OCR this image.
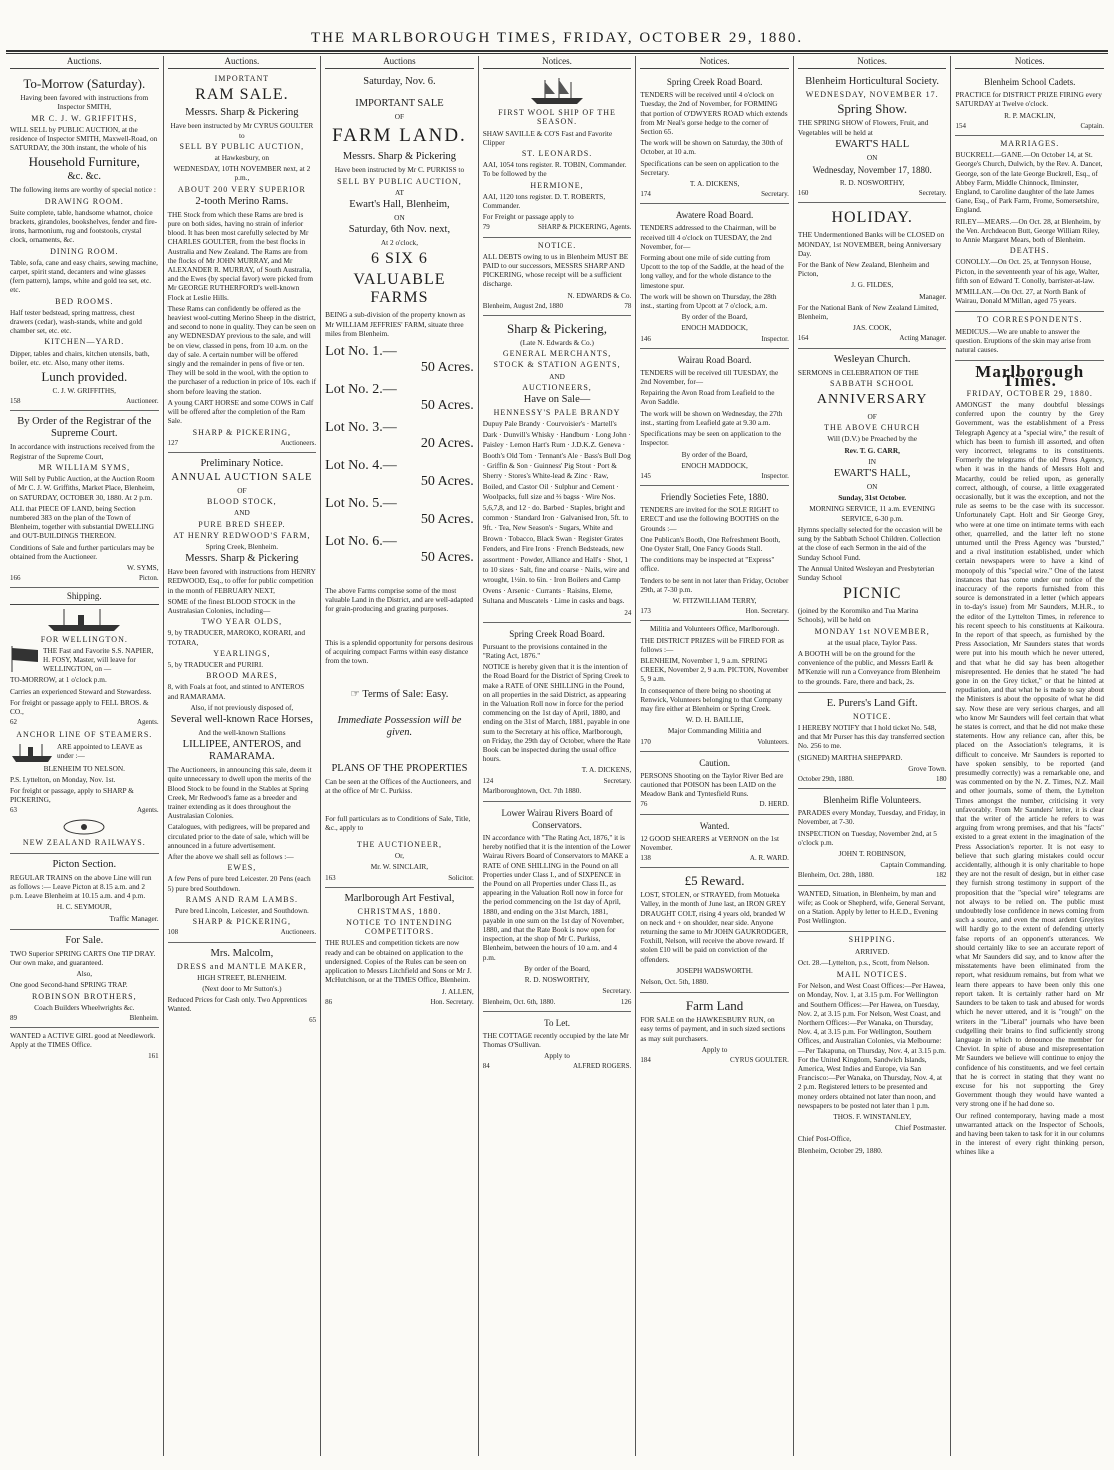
THE MARLBOROUGH TIMES, FRIDAY, OCTOBER 29, 1880.
Auctions.
To-Morrow (Saturday).

Having been favored with instructions from Inspector SMITH,

MR C. J. W. GRIFFITHS,

WILL SELL by PUBLIC AUCTION, at the residence of Inspector SMITH, Maxwell-Road, on SATURDAY, the 30th instant, the whole of his

Household Furniture,
&c. &c.

The following items are worthy of special notice :

DRAWING ROOM.

Suite complete, table, handsome whatnot, choice brackets, girandoles, bookshelves, fender and fire-irons, harmonium, rug and footstools, crystal clock, ornaments, &c.

DINING ROOM.

Table, sofa, cane and easy chairs, sewing machine, carpet, spirit stand, decanters and wine glasses (fern pattern), lamps, white and gold tea set, etc. etc.

BED ROOMS.

Half tester bedstead, spring mattress, chest drawers (cedar), wash-stands, white and gold chamber set, etc. etc.

KITCHEN—YARD.

Dipper, tables and chairs, kitchen utensils, bath, boiler, etc. etc. Also, many other items.

Lunch provided.

C. J. W. GRIFFITHS,

158	Auctioneer.
By Order of the Registrar of the Supreme Court.

In accordance with instructions received from the Registrar of the Supreme Court,

MR WILLIAM SYMS,

Will Sell by Public Auction, at the Auction Room of Mr C. J. W. Griffiths, Market Place, Blenheim, on SATURDAY, OCTOBER 30, 1880. At 2 p.m.

ALL that PIECE OF LAND, being Section numbered 383 on the plan of the Town of Blenheim, together with substantial DWELLING and OUT-BUILDINGS THEREON.

Conditions of Sale and further particulars may be obtained from the Auctioneer.

W. SYMS,

166	Picton.
Shipping.

FOR WELLINGTON.

THE Fast and Favorite S.S. NAPIER, H. FOSY, Master, will leave for WELLINGTON, on —

TO-MORROW, at 1 o'clock p.m.

Carries an experienced Steward and Stewardess.

For freight or passage apply to FELL BROS. & CO.,

62	Agents.

ANCHOR LINE OF STEAMERS.

ARE appointed to LEAVE as under :—

BLENHEIM TO NELSON.

P.S. Lyttelton, on Monday, Nov. 1st.

For freight or passage, apply to SHARP & PICKERING,

63	Agents.

NEW ZEALAND RAILWAYS.

Picton Section.

REGULAR TRAINS on the above Line will run as follows :— Leave Picton at 8.15 a.m. and 2 p.m. Leave Blenheim at 10.15 a.m. and 4 p.m.

H. C. SEYMOUR,

Traffic Manager.

For Sale.

TWO Superior SPRING CARTS One TIP DRAY. Our own make, and guaranteed.

Also,

One good Second-hand SPRING TRAP.

ROBINSON BROTHERS,

Coach Builders Wheelwrights &c.

89	Blenheim.

WANTED a ACTIVE GIRL good at Needlework. Apply at the TIMES Office.

161
Auctions.

IMPORTANT

RAM SALE.
Messrs. Sharp & Pickering

Have been instructed by Mr CYRUS GOULTER to

SELL BY PUBLIC AUCTION,

at Hawkesbury, on

WEDNESDAY, 10TH NOVEMBER next, at 2 p.m.,

ABOUT 200 VERY SUPERIOR

2-tooth Merino Rams.

THE Stock from which these Rams are bred is pure on both sides, having no strain of inferior blood. It has been most carefully selected by Mr CHARLES GOULTER, from the best flocks in Australia and New Zealand. The Rams are from the flocks of Mr JOHN MURRAY, and Mr ALEXANDER R. MURRAY, of South Australia, and the Ewes (by special favor) were picked from Mr GEORGE RUTHERFORD's well-known Flock at Leslie Hills.

These Rams can confidently be offered as the heaviest wool-cutting Merino Sheep in the district, and second to none in quality. They can be seen on any WEDNESDAY previous to the sale, and will be on view, classed in pens, from 10 a.m. on the day of sale. A certain number will be offered singly and the remainder in pens of five or ten. They will be sold in the wool, with the option to the purchaser of a reduction in price of 10s. each if shorn before leaving the station.

A young CART HORSE and some COWS in Calf will be offered after the completion of the Ram Sale.

SHARP & PICKERING,

127	Auctioneers.
Preliminary Notice.
ANNUAL AUCTION SALE

OF

BLOOD STOCK,

AND

PURE BRED SHEEP.

AT HENRY REDWOOD'S FARM,

Spring Creek, Blenheim.

Messrs. Sharp & Pickering

Have been favored with instructions from HENRY REDWOOD, Esq., to offer for public competition in the month of FEBRUARY NEXT,

SOME of the finest BLOOD STOCK in the Australasian Colonies, including—

TWO YEAR OLDS,

9, by TRADUCER, MAROKO, KORARI, and TOTARA,

YEARLINGS,

5, by TRADUCER and PURIRI.

BROOD MARES,

8, with Foals at foot, and stinted to ANTEROS and RAMARAMA.

Also, if not previously disposed of,

Several well-known Race Horses,

And the well-known Stallions

LILLIPEE, ANTEROS, and RAMARAMA.

The Auctioneers, in announcing this sale, deem it quite unnecessary to dwell upon the merits of the Blood Stock to be found in the Stables at Spring Creek, Mr Redwood's fame as a breeder and trainer extending as it does throughout the Australasian Colonies.

Catalogues, with pedigrees, will be prepared and circulated prior to the date of sale, which will be announced in a future advertisement.

After the above we shall sell as follows :—

EWES,

A few Pens of pure bred Leicester. 20 Pens (each 5) pure bred Southdown.

RAMS AND RAM LAMBS.

Pure bred Lincoln, Leicester, and Southdown.

SHARP & PICKERING,

108	Auctioneers.
Mrs. Malcolm,

DRESS and MANTLE MAKER,

HIGH STREET, BLENHEIM.

(Next door to Mr Sutton's.)

Reduced Prices for Cash only. Two Apprentices Wanted.

65
Auctions
Saturday, Nov. 6.
IMPORTANT SALE

OF

FARM LAND.
Messrs. Sharp & Pickering

Have been instructed by Mr C. PURKISS to

SELL BY PUBLIC AUCTION,

AT

Ewart's Hall, Blenheim,

ON

Saturday, 6th Nov. next,

At 2 o'clock,

6 SIX 6
VALUABLE FARMS

BEING a sub-division of the property known as Mr WILLIAM JEFFRIES' FARM, situate three miles from Blenheim.

Lot No. 1.—
50 Acres.
Lot No. 2.—
50 Acres.
Lot No. 3.—
20 Acres.
Lot No. 4.—
50 Acres.
Lot No. 5.—
50 Acres.
Lot No. 6.—
50 Acres.

The above Farms comprise some of the most valuable Land in the District, and are well-adapted for grain-producing and grazing purposes.

This is a splendid opportunity for persons desirous of acquiring compact Farms within easy distance from the town.

☞ Terms of Sale: Easy.
Immediate Possession will be given.
PLANS OF THE PROPERTIES

Can be seen at the Offices of the Auctioneers, and at the office of Mr C. Purkiss.

For full particulars as to Conditions of Sale, Title, &c., apply to

THE AUCTIONEER,

Or,

Mr. W. SINCLAIR,

163	Solicitor.
Marlborough Art Festival,

CHRISTMAS, 1880.

NOTICE TO INTENDING COMPETITORS.

THE RULES and competition tickets are now ready and can be obtained on application to the undersigned. Copies of the Rules can be seen on application to Messrs Litchfield and Sons or Mr J. McHutchison, or at the TIMES Office, Blenheim.

J. ALLEN,

86	Hon. Secretary.
Notices.

FIRST WOOL SHIP OF THE SEASON.

SHAW SAVILLE & CO'S Fast and Favorite Clipper

ST. LEONARDS.

AAI, 1054 tons register. R. TOBIN, Commander. To be followed by the

HERMIONE,

AAI, 1120 tons register. D. T. ROBERTS, Commander.

For Freight or passage apply to

79	SHARP & PICKERING, Agents.

NOTICE.

ALL DEBTS owing to us in Blenheim MUST BE PAID to our successors, MESSRS SHARP AND PICKERING, whose receipt will be a sufficient discharge.

N. EDWARDS & Co.

Blenheim, August 2nd, 1880	78
Sharp & Pickering,

(Late N. Edwards & Co.)

GENERAL MERCHANTS,

STOCK & STATION AGENTS,

AND

AUCTIONEERS,

Have on Sale—

HENNESSY'S PALE BRANDY

Dupuy Pale Brandy · Courvoisier's · Martell's Dark · Dunvill's Whisky · Handburn · Long John · Paisley · Lemon Hart's Rum · J.D.K.Z. Geneva · Booth's Old Tom · Tennant's Ale · Bass's Bull Dog · Griffin & Son · Guinness' Pig Stout · Port & Sherry · Stores's White-lead & Zinc · Raw, Boiled, and Castor Oil · Sulphur and Cement · Woolpacks, full size and ⅔ bagss · Wire Nos. 5,6,7,8, and 12 · do. Barbed · Staples, bright and common · Standard Iron · Galvanised Iron, 5ft. to 9ft. · Tea, New Season's · Sugars, White and Brown · Tobacco, Black Swan · Register Grates Fenders, and Fire Irons · French Bedsteads, new assortment · Powder, Alliance and Hall's · Shot, 1 to 10 sizes · Salt, fine and coarse · Nails, wire and wrought, 1½in. to 6in. · Iron Boilers and Camp Ovens · Arsenic · Currants · Raisins, Eleme, Sultana and Muscatels · Lime in casks and bags.

24
Spring Creek Road Board.

Pursuant to the provisions contained in the "Rating Act, 1876."

NOTICE is hereby given that it is the intention of the Road Board for the District of Spring Creek to make a RATE of ONE SHILLING in the Pound, on all properties in the said District, as appearing in the Valuation Roll now in force for the period commencing on the 1st day of April, 1880, and ending on the 31st of March, 1881, payable in one sum to the Secretary at his office, Marlborough, on Friday, the 29th day of October, where the Rate Book can be inspected during the usual office hours.

T. A. DICKENS,

124	Secretary.

Marlboroughtown, Oct. 7th 1880.

Lower Wairau Rivers Board of Conservators.

IN accordance with "The Rating Act, 1876," it is hereby notified that it is the intention of the Lower Wairau Rivers Board of Conservators to MAKE a RATE of ONE SHILLING in the Pound on all Properties under Class I., and of SIXPENCE in the Pound on all Properties under Class II., as appearing in the Valuation Roll now in force for the period commencing on the 1st day of April, 1880, and ending on the 31st March, 1881, payable in one sum on the 1st day of November, 1880, and that the Rate Book is now open for inspection, at the shop of Mr C. Purkiss, Blenheim, between the hours of 10 a.m. and 4 p.m.

By order of the Board,

R. D. NOSWORTHY,

Secretary.

Blenheim, Oct. 6th, 1880.	126
To Let.

THE COTTAGE recently occupied by the late Mr Thomas O'Sullivan.

Apply to

84	ALFRED ROGERS.
Notices.
Spring Creek Road Board.

TENDERS will be received until 4 o'clock on Tuesday, the 2nd of November, for FORMING that portion of O'DWYERS ROAD which extends from Mr Neal's gorse hedge to the corner of Section 65.

The work will be shown on Saturday, the 30th of October, at 10 a.m.

Specifications can be seen on application to the Secretary.

T. A. DICKENS,

174	Secretary.
Awatere Road Board.

TENDERS addressed to the Chairman, will be received till 4 o'clock on TUESDAY, the 2nd November, for—

Forming about one mile of side cutting from Upcott to the top of the Saddle, at the head of the long valley, and for the whole distance to the limestone spur.

The work will be shown on Thursday, the 28th inst., starting from Upcott at 7 o'clock, a.m.

By order of the Board,

ENOCH MADDOCK,

146	Inspector.
Wairau Road Board.

TENDERS will be received till TUESDAY, the 2nd November, for—

Repairing the Avon Road from Leafield to the Avon Saddle.

The work will be shown on Wednesday, the 27th inst., starting from Leafield gate at 9.30 a.m.

Specifications may be seen on application to the Inspector.

By order of the Board,

ENOCH MADDOCK,

145	Inspector.
Friendly Societies Fete, 1880.

TENDERS are invited for the SOLE RIGHT to ERECT and use the following BOOTHS on the Grounds :—

One Publican's Booth, One Refreshment Booth, One Oyster Stall, One Fancy Goods Stall.

The conditions may be inspected at "Express" office.

Tenders to be sent in not later than Friday, October 29th, at 7-30 p.m.

W. FITZWILLIAM TERRY,

173	Hon. Secretary.

Militia and Volunteers Office, Marlborough.

THE DISTRICT PRIZES will be FIRED FOR as follows :—

BLENHEIM, November 1, 9 a.m. SPRING CREEK, November 2, 9 a.m. PICTON, November 5, 9 a.m.

In consequence of there being no shooting at Renwick, Volunteers belonging to that Company may fire either at Blenheim or Spring Creek.

W. D. H. BAILLIE,

Major Commanding Militia and

170	Volunteers.
Caution.

PERSONS Shooting on the Taylor River Bed are cautioned that POISON has been LAID on the Meadow Bank and Tyntesfield Runs.

76	D. HERD.
Wanted.

12 GOOD SHEARERS at VERNON on the 1st November.

138	A. R. WARD.
£5 Reward.

LOST, STOLEN, or STRAYED, from Motueka Valley, in the month of June last, an IRON GREY DRAUGHT COLT, rising 4 years old, branded W on neck and + on shoulder, near side. Anyone returning the same to Mr JOHN GAUKRODGER, Foxhill, Nelson, will receive the above reward. If stolen £10 will be paid on conviction of the offenders.

JOSEPH WADSWORTH.

Nelson, Oct. 5th, 1880.

Farm Land

FOR SALE on the HAWKESBURY RUN, on easy terms of payment, and in such sized sections as may suit purchasers.

Apply to

184	CYRUS GOULTER.
Notices.
Blenheim Horticultural Society.

WEDNESDAY, NOVEMBER 17.

Spring Show.

THE SPRING SHOW of Flowers, Fruit, and Vegetables will be held at

EWART'S HALL

ON

Wednesday, November 17, 1880.

R. D. NOSWORTHY,

160	Secretary.
HOLIDAY.

THE Undermentioned Banks will be CLOSED on MONDAY, 1st NOVEMBER, being Anniversary Day.

For the Bank of New Zealand, Blenheim and Picton,

J. G. FILDES,

Manager.

For the National Bank of New Zealand Limited, Blenheim,

JAS. COOK,

164	Acting Manager.
Wesleyan Church.

SERMONS in CELEBRATION OF THE

SABBATH SCHOOL

ANNIVERSARY

OF

THE ABOVE CHURCH

Will (D.V.) be Preached by the

Rev. T. G. CARR,

IN

EWART'S HALL,

ON

Sunday, 31st October.

MORNING SERVICE, 11 a.m. EVENING SERVICE, 6-30 p.m.

Hymns specially selected for the occasion will be sung by the Sabbath School Children. Collection at the close of each Sermon in the aid of the Sunday School Fund.

The Annual United Wesleyan and Presbyterian Sunday School

PICNIC

(joined by the Koromiko and Tua Marina Schools), will be held on

MONDAY 1st NOVEMBER,

at the usual place, Taylor Pass.

A BOOTH will be on the ground for the convenience of the public, and Messrs Earll & M'Kenzie will run a Conveyance from Blenheim to the grounds. Fare, there and back, 2s.

E. Purers's Land Gift.

NOTICE.

I HEREBY NOTIFY that I hold ticket No. 548, and that Mr Purser has this day transferred section No. 256 to me.

(SIGNED) MARTHA SHEPPARD.

Grove Town.

October 29th, 1880.	180
Blenheim Rifle Volunteers.

PARADES every Monday, Tuesday, and Friday, in November, at 7-30.

INSPECTION on Tuesday, November 2nd, at 5 o'clock p.m.

JOHN T. ROBINSON,

Captain Commanding.

Blenheim, Oct. 28th, 1880.	182

WANTED, Situation, in Blenheim, by man and wife; as Cook or Shepherd, wife, General Servant, on a Station. Apply by letter to H.E.D., Evening Post Wellington.

SHIPPING.

ARRIVED.

Oct. 28.—Lyttelton, p.s., Scott, from Nelson.

MAIL NOTICES.

For Nelson, and West Coast Offices:—Per Hawea, on Monday, Nov. 1, at 3.15 p.m. For Wellington and Southern Offices:—Per Hawea, on Tuesday, Nov. 2, at 3.15 p.m. For Nelson, West Coast, and Northern Offices:—Per Wanaka, on Thursday, Nov. 4, at 3.15 p.m. For Wellington, Southern Offices, and Australian Colonies, via Melbourne:—Per Takapuna, on Thursday, Nov. 4, at 3.15 p.m. For the United Kingdom, Sandwich Islands, America, West Indies and Europe, via San Francisco:—Per Wanaka, on Thursday, Nov. 4, at 2 p.m. Registered letters to be presented and money orders obtained not later than noon, and newspapers to be posted not later than 1 p.m.

THOS. F. WINSTANLEY,

Chief Postmaster.

Chief Post-Office,

Blenheim, October 29, 1880.

Notices.
Blenheim School Cadets.

PRACTICE for DISTRICT PRIZE FIRING every SATURDAY at Twelve o'clock.

R. P. MACKLIN,

154	Captain.

MARRIAGES.

BUCKRELL—GANE.—On October 14, at St. George's Church, Dulwich, by the Rev. A. Dancet, George, son of the late George Buckrell, Esq., of Abbey Farm, Middle Chinnock, Ilminster, England, to Caroline daughter of the late James Gane, Esq., of Park Farm, Frome, Somersetshire, England.

RILEY—MEARS.—On Oct. 28, at Blenheim, by the Ven. Archdeacon Butt, George William Riley, to Annie Margaret Mears, both of Blenheim.

DEATHS.

CONOLLY.—On Oct. 25, at Tennyson House, Picton, in the seventeenth year of his age, Walter, fifth son of Edward T. Conolly, barrister-at-law.

M'MILLAN.—On Oct. 27, at North Bank of Wairau, Donald M'Millan, aged 75 years.

TO CORRESPONDENTS.

MEDICUS.—We are unable to answer the question. Eruptions of the skin may arise from natural causes.

Marlborough Times.

FRIDAY, OCTOBER 29, 1880.

AMONGST the many doubtful blessings conferred upon the country by the Grey Government, was the establishment of a Press Telegraph Agency at a "special wire," the result of which has been to furnish ill assorted, and often very incorrect, telegrams to its constituents. Formerly the telegrams of the old Press Agency, when it was in the hands of Messrs Holt and Macarthy, could be relied upon, as generally correct, although, of course, a little exaggerated occasionally, but it was the exception, and not the rule as seems to be the case with its successor. Unfortunately Capt. Holt and Sir George Grey, who were at one time on intimate terms with each other, quarrelled, and the latter left no stone unturned until the Press Agency was "bursted," and a rival institution established, under which certain newspapers were to have a kind of monopoly of this "special wire." One of the latest instances that has come under our notice of the inaccuracy of the reports furnished from this source is demonstrated in a letter (which appears in to-day's issue) from Mr Saunders, M.H.R., to the editor of the Lyttelton Times, in reference to his recent speech to his constituents at Kaikoura. In the report of that speech, as furnished by the Press Association, Mr Saunders states that words were put into his mouth which he never uttered, and that what he did say has been altogether misrepresented. He denies that he stated "he had gone in on the Grey ticket," or that he hinted at repudiation, and that what he is made to say about the Ministers is about the opposite of what he did say. Now these are very serious charges, and all who know Mr Saunders will feel certain that what he states is correct, and that he did not make these statements. How any reliance can, after this, be placed on the Association's telegrams, it is difficult to conceive. Mr Saunders is reported to have spoken sensibly, to be reported (and presumedly correctly) was a remarkable one, and was commented on by the N. Z. Times, N.Z. Mail and other journals, some of them, the Lyttelton Times amongst the number, criticising it very unfavorably. From Mr Saunders' letter, it is clear that the writer of the article he refers to was arguing from wrong premises, and that his "facts" existed to a great extent in the imagination of the Press Association's reporter. It is not easy to believe that such glaring mistakes could occur accidentally, although it is only charitable to hope they are not the result of design, but in either case they furnish strong testimony in support of the proposition that the "special wire" telegrams are not always to be relied on. The public must undoubtedly lose confidence in news coming from such a source, and even the most ardent Greyites will hardly go to the extent of defending utterly false reports of an opponent's utterances. We should certainly like to see an accurate report of what Mr Saunders did say, and to know after the misstatements have been eliminated from the report, what residuum remains, but from what we learn there appears to have been only this one report taken. It is certainly rather hard on Mr Saunders to be taken to task and abused for words which he never uttered, and it is "rough" on the writers in the "Liberal" journals who have been cudgelling their brains to find sufficiently strong language in which to denounce the member for Cheviot. In spite of abuse and misrepresentation Mr Saunders we believe will continue to enjoy the confidence of his constituents, and we feel certain that he is correct in stating that they want no excuse for his not supporting the Grey Government though they would have wanted a very strong one if he had done so.

Our refined contemporary, having made a most unwarranted attack on the Inspector of Schools, and having been taken to task for it in our columns in the interest of every right thinking person, whines like a
